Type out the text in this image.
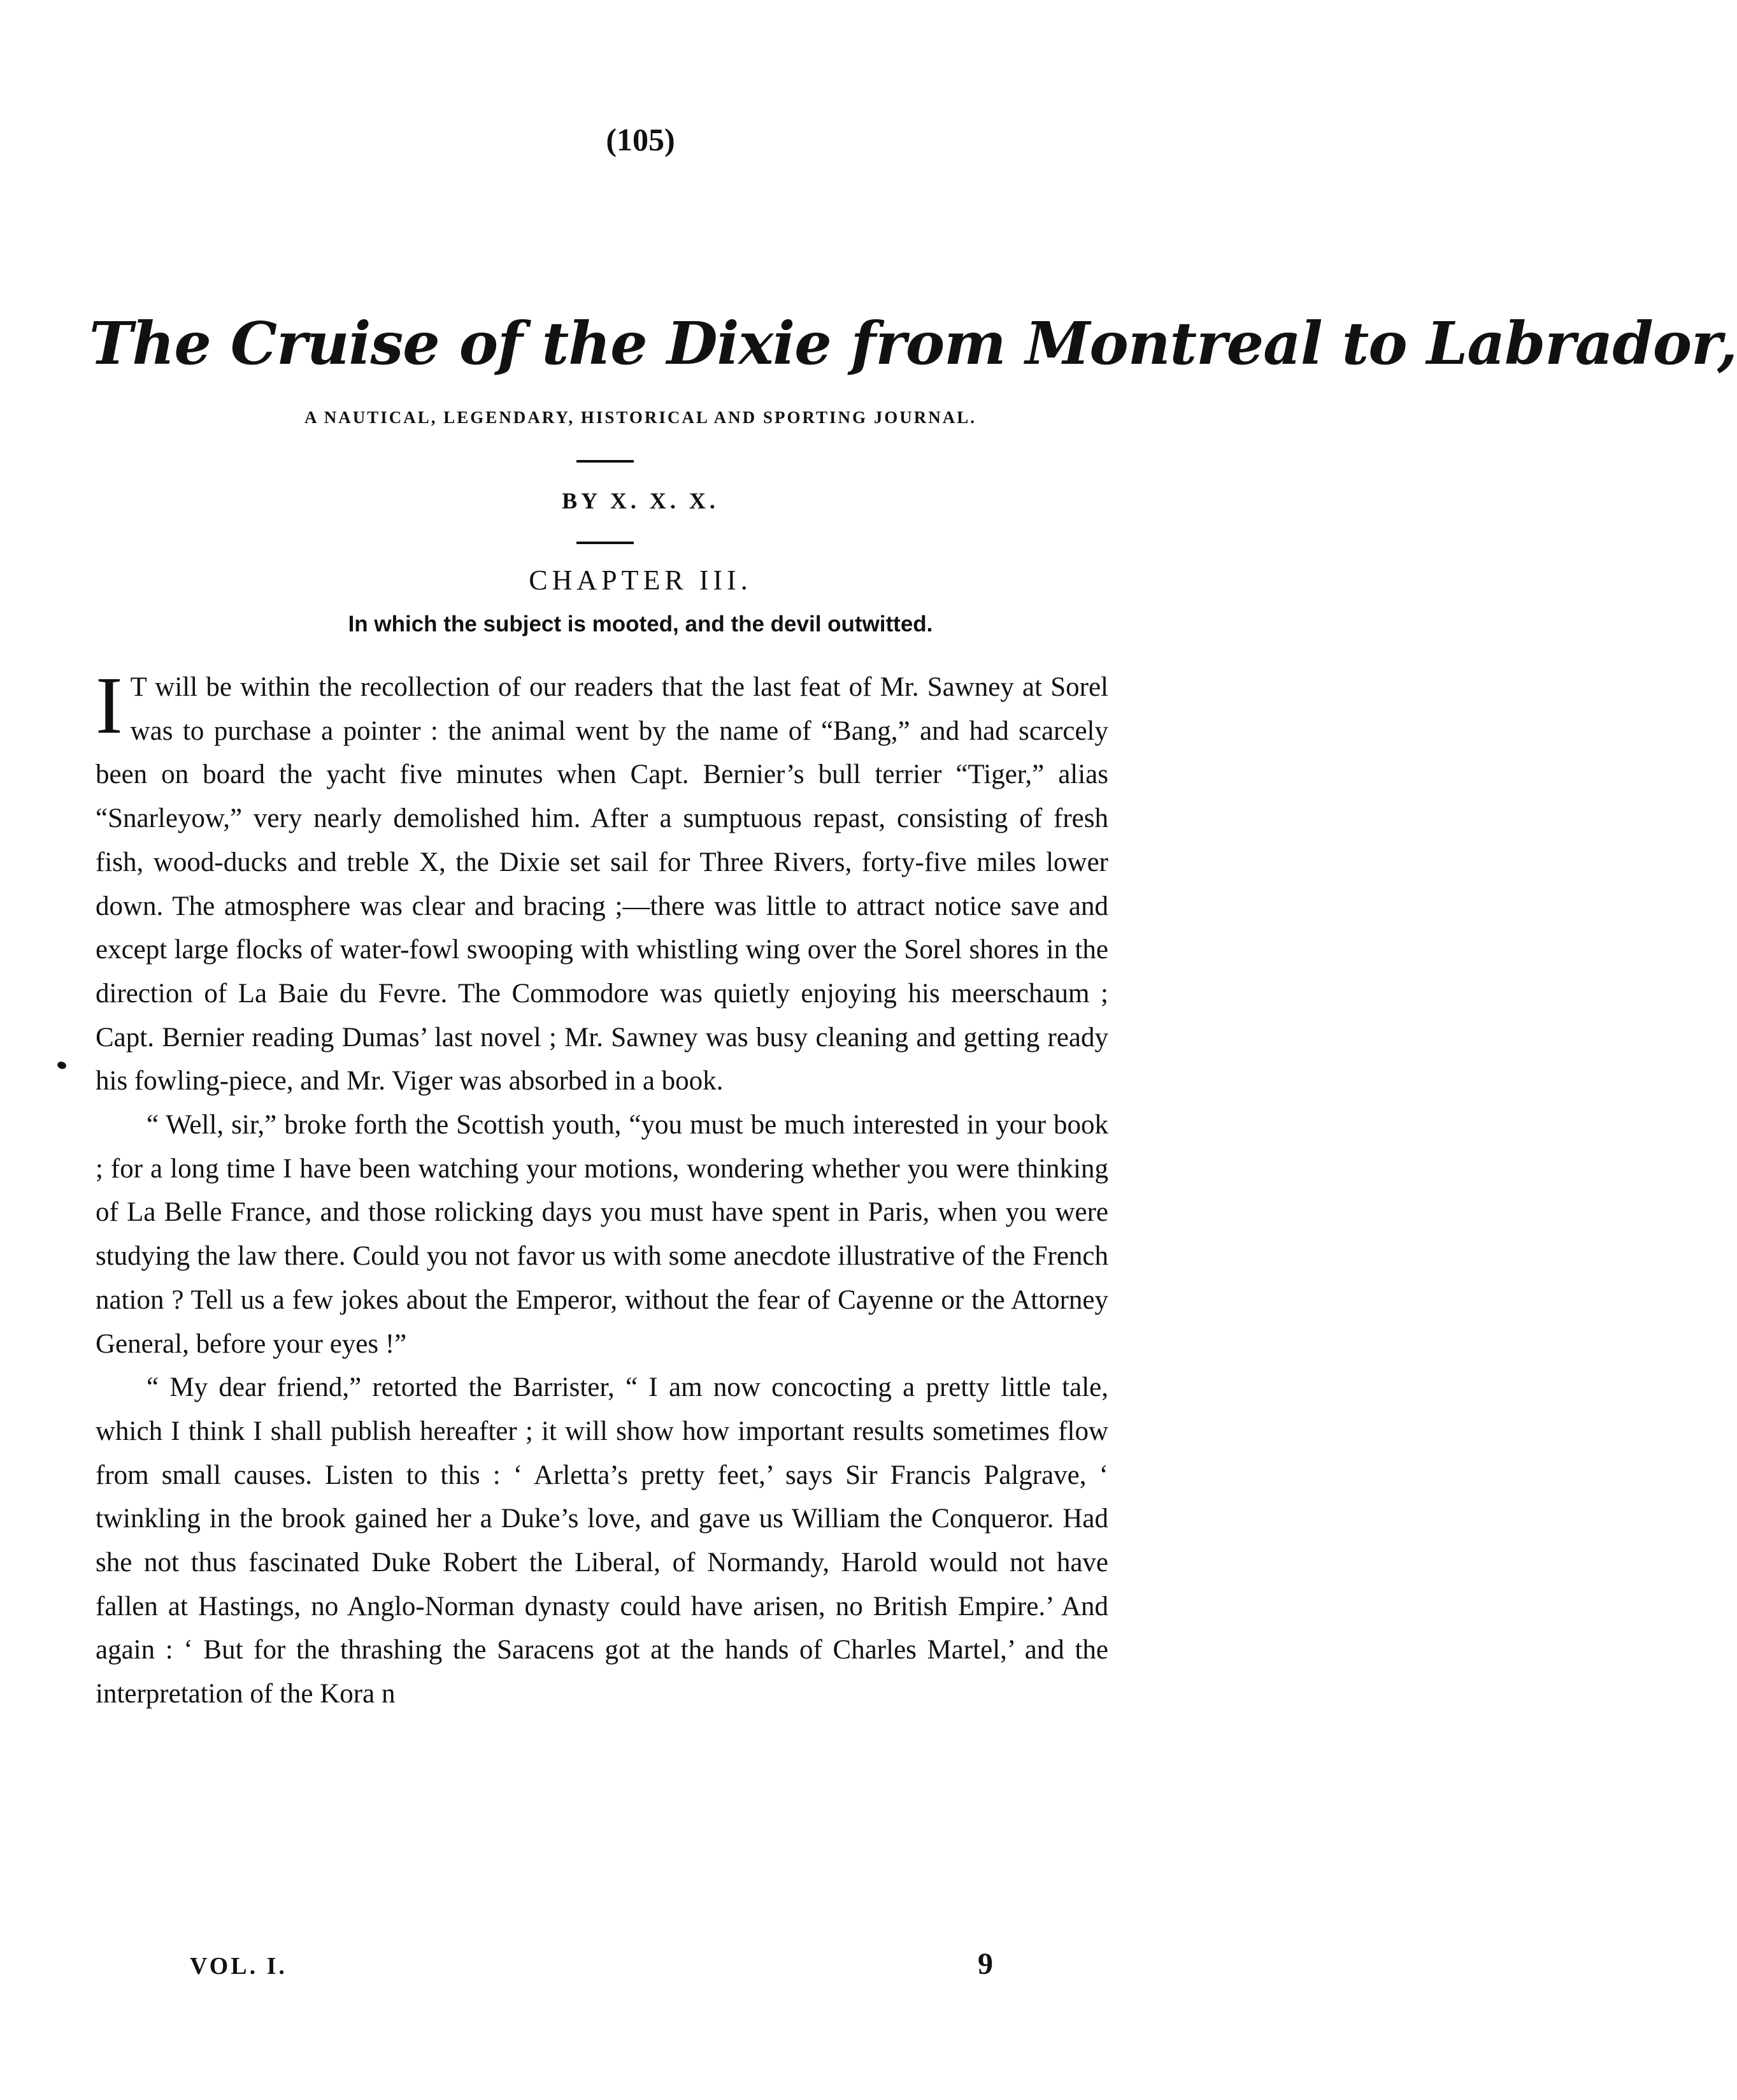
(105)
The Cruise of the Dixie from Montreal to Labrador,
A NAUTICAL, LEGENDARY, HISTORICAL AND SPORTING JOURNAL.
BY X. X. X.
CHAPTER III.
In which the subject is mooted, and the devil outwitted.

I T will be within the recollection of our readers that the last feat of Mr. Sawney at Sorel was to purchase a pointer : the animal went by the name of “Bang,” and had scarcely been on board the yacht five minutes when Capt. Bernier’s bull terrier “Tiger,” alias “Snarleyow,” very nearly demolished him. After a sumptuous repast, consisting of fresh fish, wood-ducks and treble X, the Dixie set sail for Three Rivers, forty-five miles lower down. The atmosphere was clear and bracing ;—there was little to attract notice save and except large flocks of water-fowl swooping with whistling wing over the Sorel shores in the direction of La Baie du Fevre. The Commodore was quietly enjoying his meerschaum ; Capt. Bernier reading Dumas’ last novel ; Mr. Sawney was busy cleaning and getting ready his fowling-piece, and Mr. Viger was absorbed in a book.

“ Well, sir,” broke forth the Scottish youth, “you must be much interested in your book ; for a long time I have been watching your motions, wondering whether you were thinking of La Belle France, and those rolicking days you must have spent in Paris, when you were studying the law there. Could you not favor us with some anecdote illustrative of the French nation ? Tell us a few jokes about the Emperor, without the fear of Cayenne or the Attorney General, before your eyes !”

“ My dear friend,” retorted the Barrister, “ I am now concocting a pretty little tale, which I think I shall publish hereafter ; it will show how important results sometimes flow from small causes. Listen to this : ‘ Arletta’s pretty feet,’ says Sir Francis Palgrave, ‘ twinkling in the brook gained her a Duke’s love, and gave us William the Conqueror. Had she not thus fascinated Duke Robert the Liberal, of Normandy, Harold would not have fallen at Hastings, no Anglo-Norman dynasty could have arisen, no British Empire.’ And again : ‘ But for the thrashing the Saracens got at the hands of Charles Martel,’ and the interpretation of the Kora n

VOL. I.	9
